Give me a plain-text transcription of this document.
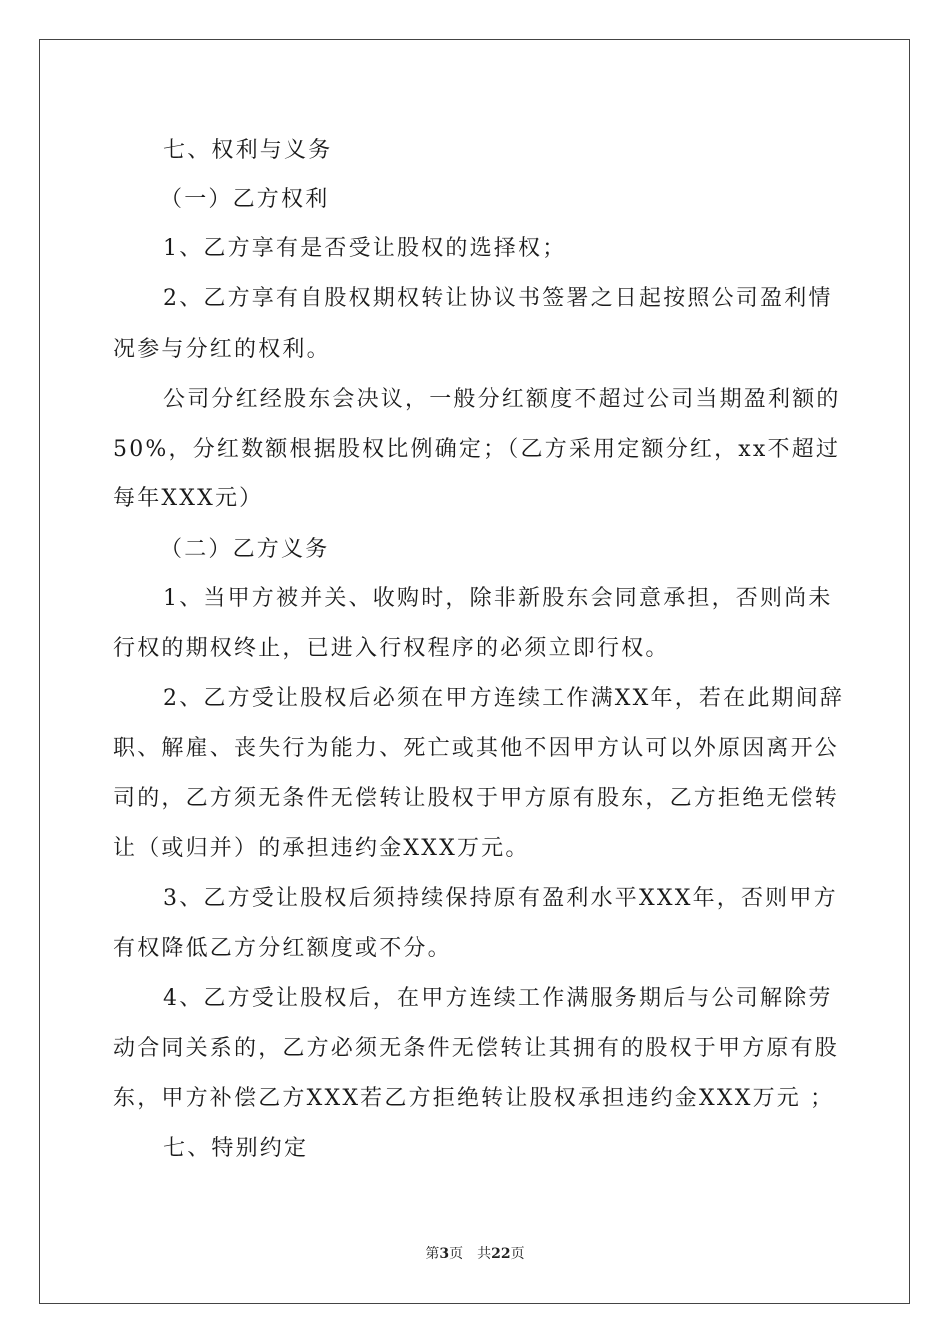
七、权利与义务
（一）乙方权利
1、乙方享有是否受让股权的选择权；
2、乙方享有自股权期权转让协议书签署之日起按照公司盈利情
况参与分红的权利。
公司分红经股东会决议，一般分红额度不超过公司当期盈利额的
50%，分红数额根据股权比例确定；（乙方采用定额分红，xx不超过
每年XXX元）
（二）乙方义务
1、当甲方被并关、收购时，除非新股东会同意承担，否则尚未
行权的期权终止，已进入行权程序的必须立即行权。
2、乙方受让股权后必须在甲方连续工作满XX年，若在此期间辞
职、解雇、丧失行为能力、死亡或其他不因甲方认可以外原因离开公
司的，乙方须无条件无偿转让股权于甲方原有股东，乙方拒绝无偿转
让（或归并）的承担违约金XXX万元。
3、乙方受让股权后须持续保持原有盈利水平XXX年，否则甲方
有权降低乙方分红额度或不分。
4、乙方受让股权后，在甲方连续工作满服务期后与公司解除劳
动合同关系的，乙方必须无条件无偿转让其拥有的股权于甲方原有股
东，甲方补偿乙方XXX若乙方拒绝转让股权承担违约金XXX万元 ；
七、特别约定
第3页 共22页
